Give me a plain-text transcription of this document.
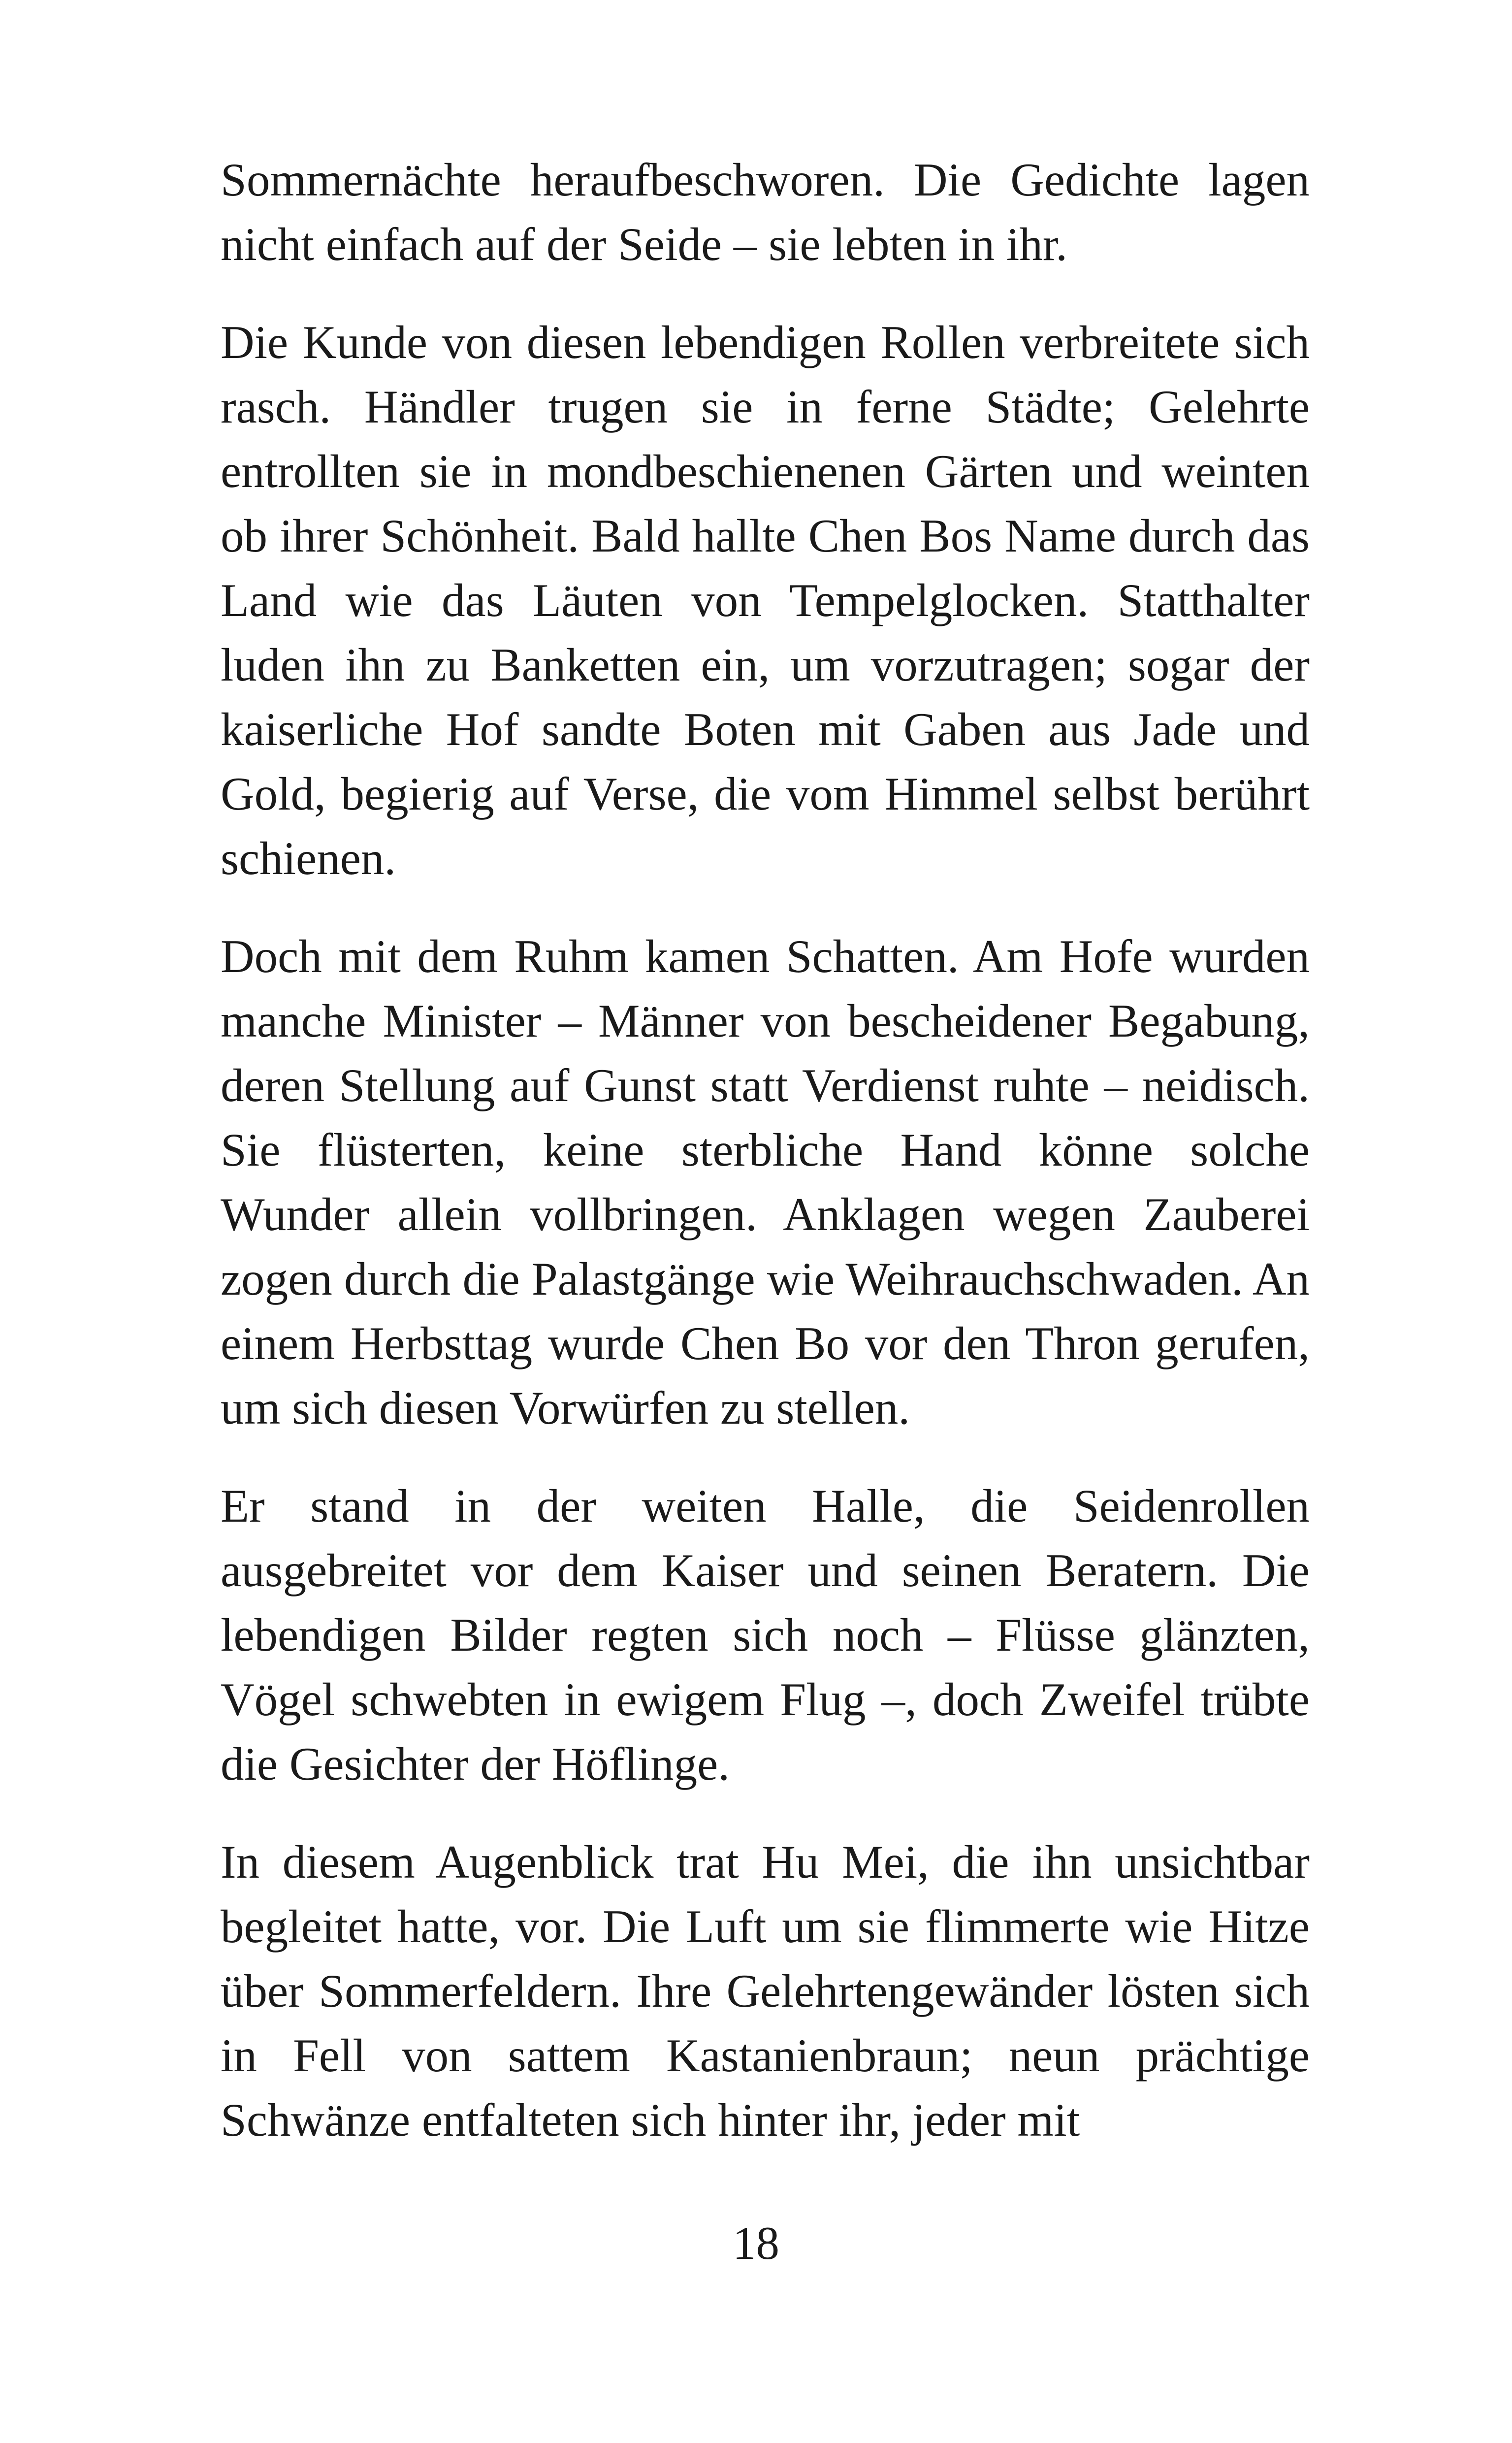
Sommernächte heraufbeschworen. Die Gedichte lagen nicht einfach auf der Seide – sie lebten in ihr.

Die Kunde von diesen lebendigen Rollen verbreitete sich rasch. Händler trugen sie in ferne Städte; Gelehrte entrollten sie in mondbeschienenen Gärten und weinten ob ihrer Schönheit. Bald hallte Chen Bos Name durch das Land wie das Läuten von Tempelglocken. Statthalter luden ihn zu Banketten ein, um vorzutragen; sogar der kaiserliche Hof sandte Boten mit Gaben aus Jade und Gold, begierig auf Verse, die vom Himmel selbst berührt schienen.

Doch mit dem Ruhm kamen Schatten. Am Hofe wurden manche Minister – Männer von bescheidener Begabung, deren Stellung auf Gunst statt Verdienst ruhte – neidisch. Sie flüsterten, keine sterbliche Hand könne solche Wunder allein vollbringen. Anklagen wegen Zauberei zogen durch die Palastgänge wie Weihrauchschwaden. An einem Herbsttag wurde Chen Bo vor den Thron gerufen, um sich diesen Vorwürfen zu stellen.

Er stand in der weiten Halle, die Seidenrollen ausgebreitet vor dem Kaiser und seinen Beratern. Die lebendigen Bilder regten sich noch – Flüsse glänzten, Vögel schwebten in ewigem Flug –, doch Zweifel trübte die Gesichter der Höflinge.

In diesem Augenblick trat Hu Mei, die ihn unsichtbar begleitet hatte, vor. Die Luft um sie flimmerte wie Hitze über Sommerfeldern. Ihre Gelehrtengewänder lösten sich in Fell von sattem Kastanienbraun; neun prächtige Schwänze entfalteten sich hinter ihr, jeder mit

18
